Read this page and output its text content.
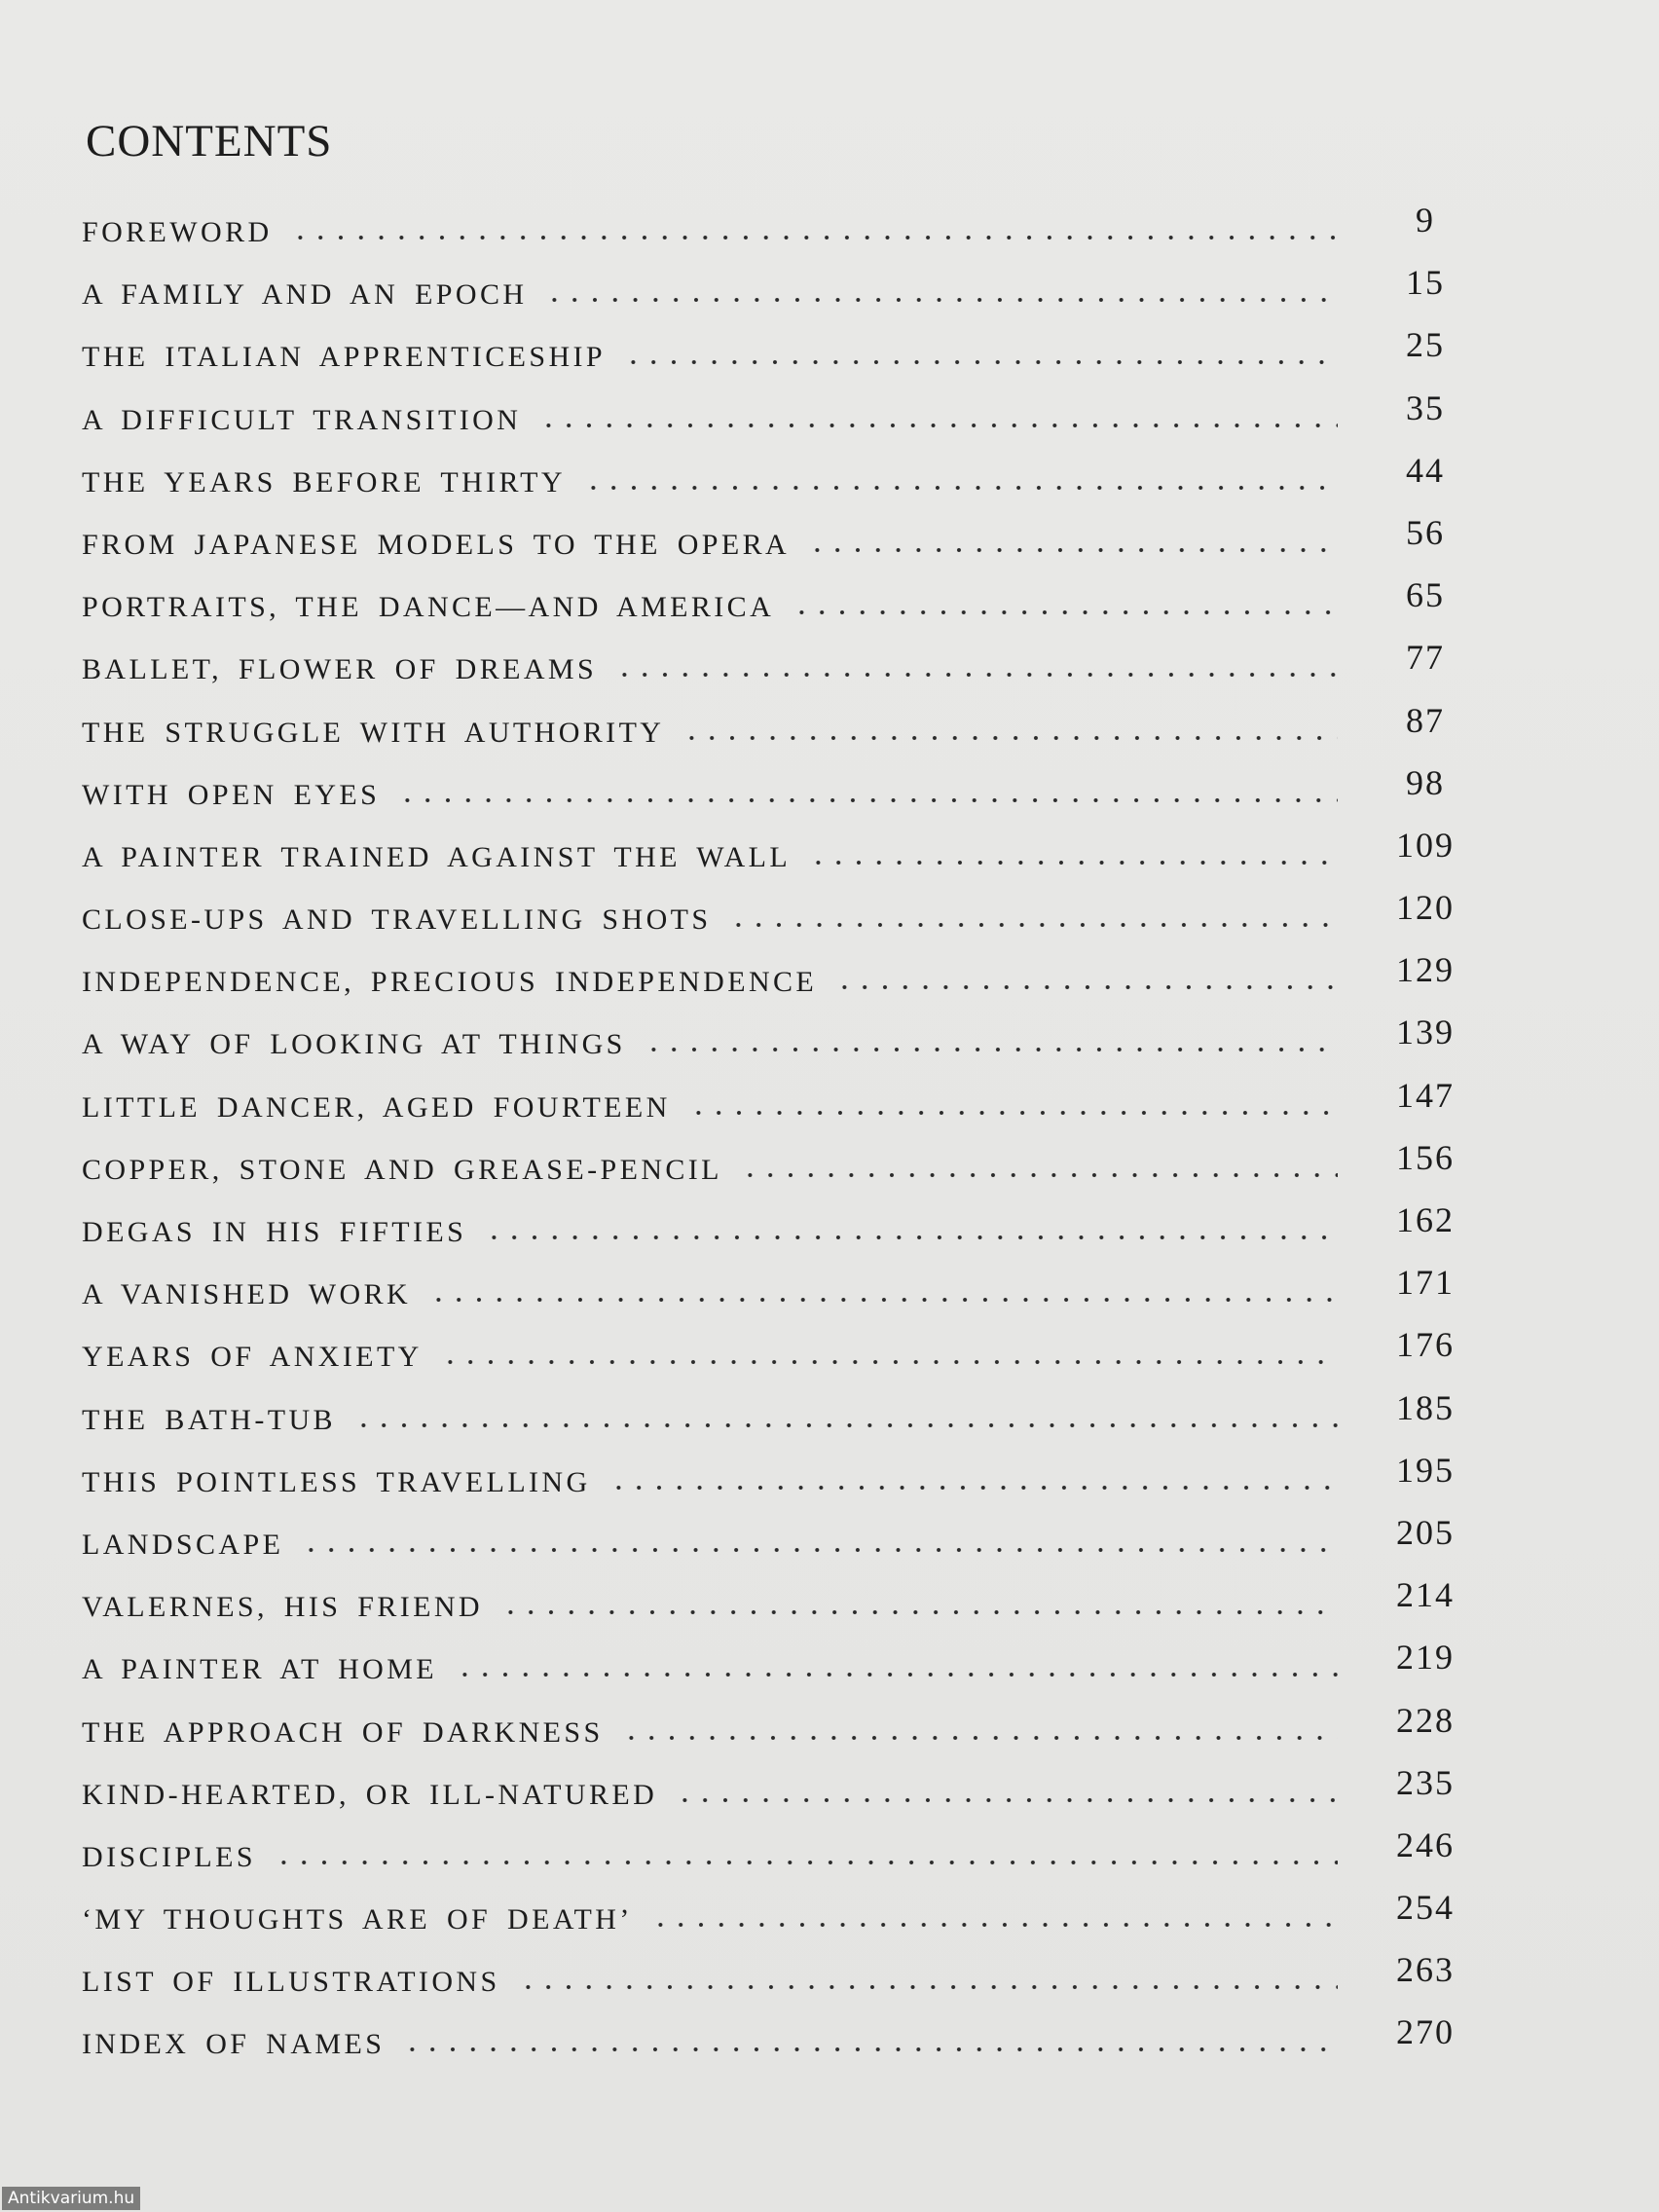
CONTENTS
FOREWORD	9
A FAMILY AND AN EPOCH	15
THE ITALIAN APPRENTICESHIP	25
A DIFFICULT TRANSITION	35
THE YEARS BEFORE THIRTY	44
FROM JAPANESE MODELS TO THE OPERA	56
PORTRAITS, THE DANCE—AND AMERICA	65
BALLET, FLOWER OF DREAMS	77
THE STRUGGLE WITH AUTHORITY	87
WITH OPEN EYES	98
A PAINTER TRAINED AGAINST THE WALL	109
CLOSE-UPS AND TRAVELLING SHOTS	120
INDEPENDENCE, PRECIOUS INDEPENDENCE	129
A WAY OF LOOKING AT THINGS	139
LITTLE DANCER, AGED FOURTEEN	147
COPPER, STONE AND GREASE-PENCIL	156
DEGAS IN HIS FIFTIES	162
A VANISHED WORK	171
YEARS OF ANXIETY	176
THE BATH-TUB	185
THIS POINTLESS TRAVELLING	195
LANDSCAPE	205
VALERNES, HIS FRIEND	214
A PAINTER AT HOME	219
THE APPROACH OF DARKNESS	228
KIND-HEARTED, OR ILL-NATURED	235
DISCIPLES	246
‘MY THOUGHTS ARE OF DEATH’	254
LIST OF ILLUSTRATIONS	263
INDEX OF NAMES	270
Antikvarium.hu
